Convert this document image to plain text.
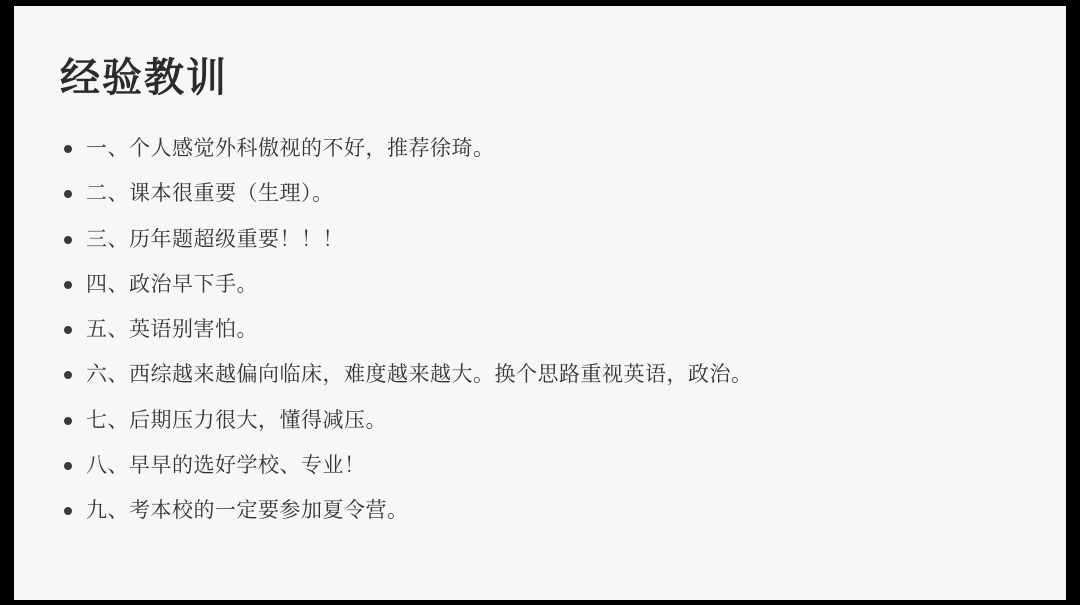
经验教训
一、个人感觉外科傲视的不好，推荐徐琦。
二、课本很重要（生理）。
三、历年题超级重要！！！
四、政治早下手。
五、英语别害怕。
六、西综越来越偏向临床，难度越来越大。换个思路重视英语，政治。
七、后期压力很大，懂得减压。
八、早早的选好学校、专业！
九、考本校的一定要参加夏令营。
